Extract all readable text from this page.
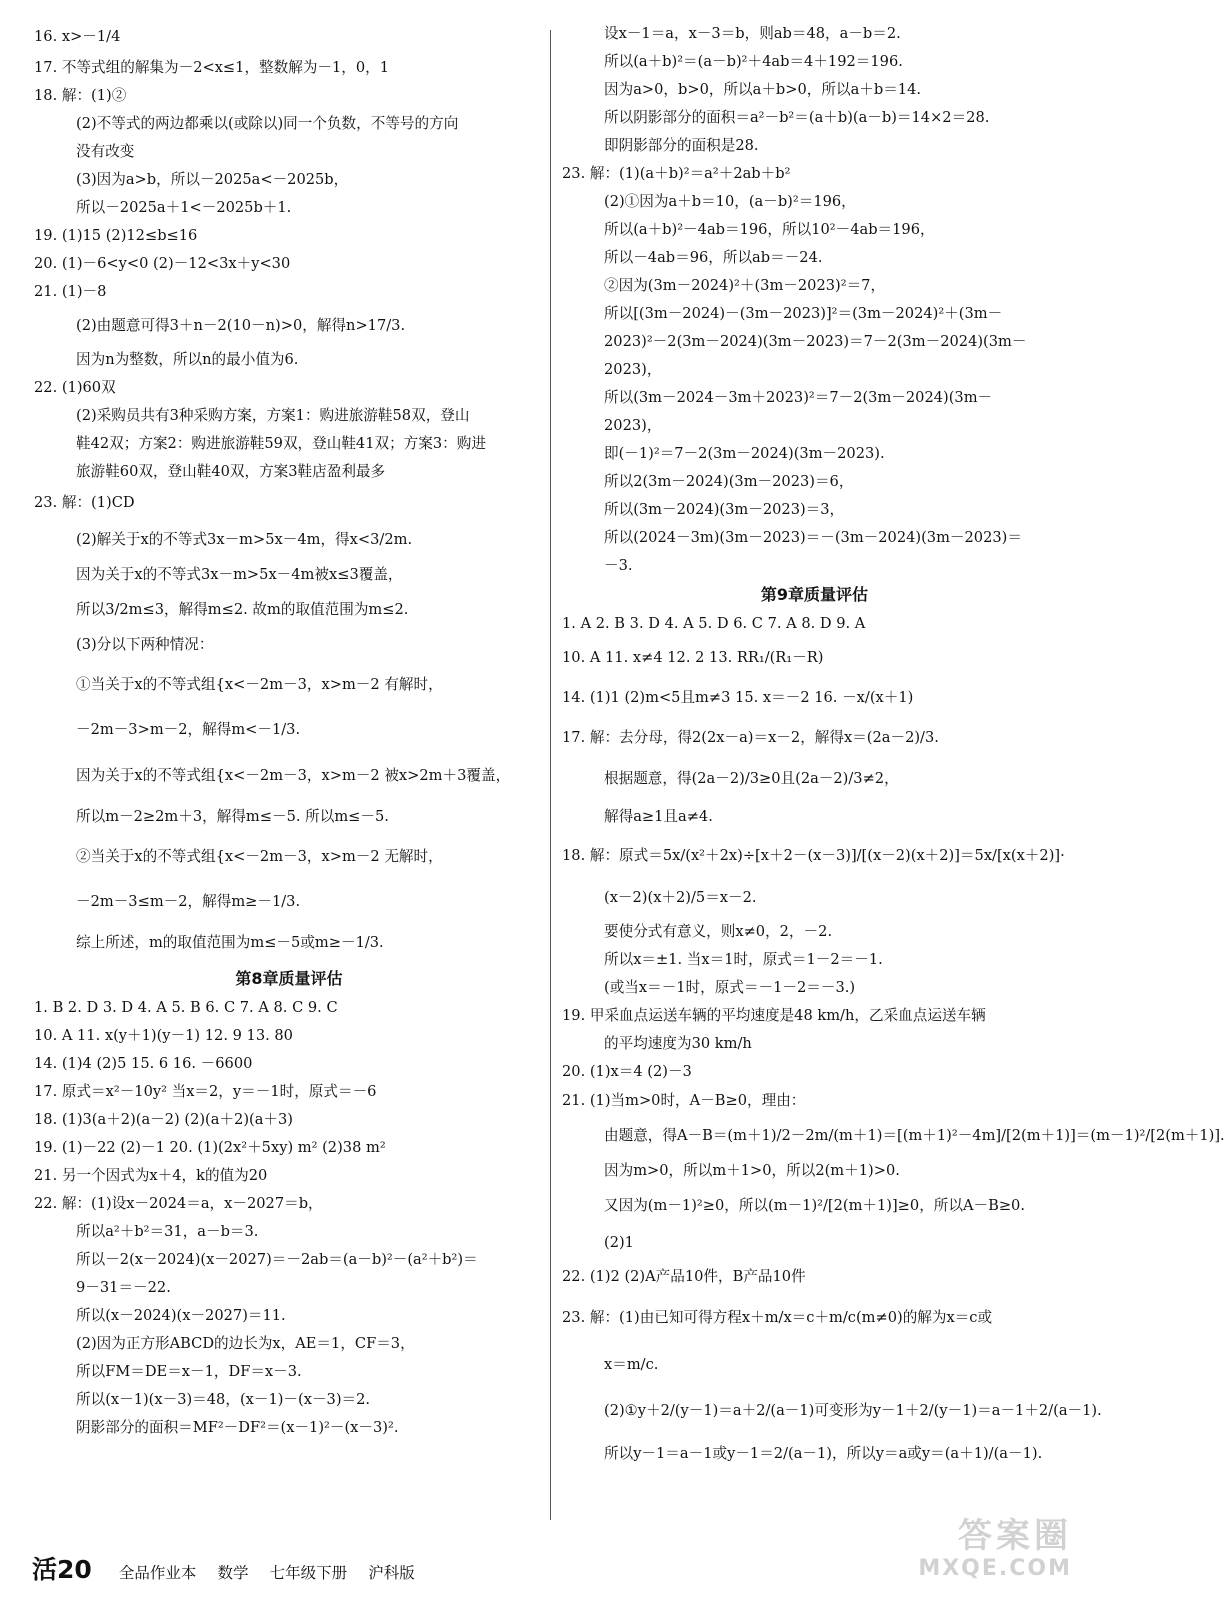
16. x>－1/4
17. 不等式组的解集为－2<x≤1，整数解为－1，0，1
18. 解：(1)②
(2)不等式的两边都乘以(或除以)同一个负数，不等号的方向
没有改变
(3)因为a>b，所以－2025a<－2025b，
所以－2025a＋1<－2025b＋1.
19. (1)15 (2)12≤b≤16
20. (1)－6<y<0 (2)－12<3x＋y<30
21. (1)－8
(2)由题意可得3＋n－2(10－n)>0，解得n>17/3.
因为n为整数，所以n的最小值为6.
22. (1)60双
(2)采购员共有3种采购方案，方案1：购进旅游鞋58双，登山
鞋42双；方案2：购进旅游鞋59双，登山鞋41双；方案3：购进
旅游鞋60双，登山鞋40双，方案3鞋店盈利最多
23. 解：(1)CD
(2)解关于x的不等式3x－m>5x－4m，得x<3/2m.
因为关于x的不等式3x－m>5x－4m被x≤3覆盖，
所以3/2m≤3，解得m≤2. 故m的取值范围为m≤2.
(3)分以下两种情况：
①当关于x的不等式组{x<－2m－3，x>m－2 有解时，
－2m－3>m－2，解得m<－1/3.
因为关于x的不等式组{x<－2m－3，x>m－2 被x>2m＋3覆盖，
所以m－2≥2m＋3，解得m≤－5. 所以m≤－5.
②当关于x的不等式组{x<－2m－3，x>m－2 无解时，
－2m－3≤m－2，解得m≥－1/3.
综上所述，m的取值范围为m≤－5或m≥－1/3.
第8章质量评估
1. B 2. D 3. D 4. A 5. B 6. C 7. A 8. C 9. C
10. A 11. x(y＋1)(y－1) 12. 9 13. 80
14. (1)4 (2)5 15. 6 16. －6600
17. 原式＝x²－10y² 当x＝2，y＝－1时，原式＝－6
18. (1)3(a＋2)(a－2) (2)(a＋2)(a＋3)
19. (1)－22 (2)－1 20. (1)(2x²＋5xy) m² (2)38 m²
21. 另一个因式为x＋4，k的值为20
22. 解：(1)设x－2024＝a，x－2027＝b，
所以a²＋b²＝31，a－b＝3.
所以－2(x－2024)(x－2027)＝－2ab＝(a－b)²－(a²＋b²)＝
9－31＝－22.
所以(x－2024)(x－2027)＝11.
(2)因为正方形ABCD的边长为x，AE＝1，CF＝3，
所以FM＝DE＝x－1，DF＝x－3.
所以(x－1)(x－3)＝48，(x－1)－(x－3)＝2.
阴影部分的面积＝MF²－DF²＝(x－1)²－(x－3)².
设x－1＝a，x－3＝b，则ab＝48，a－b＝2.
所以(a＋b)²＝(a－b)²＋4ab＝4＋192＝196.
因为a>0，b>0，所以a＋b>0，所以a＋b＝14.
所以阴影部分的面积＝a²－b²＝(a＋b)(a－b)＝14×2＝28.
即阴影部分的面积是28.
23. 解：(1)(a＋b)²＝a²＋2ab＋b²
(2)①因为a＋b＝10，(a－b)²＝196，
所以(a＋b)²－4ab＝196，所以10²－4ab＝196，
所以－4ab＝96，所以ab＝－24.
②因为(3m－2024)²＋(3m－2023)²＝7，
所以[(3m－2024)－(3m－2023)]²＝(3m－2024)²＋(3m－
2023)²－2(3m－2024)(3m－2023)＝7－2(3m－2024)(3m－
2023)，
所以(3m－2024－3m＋2023)²＝7－2(3m－2024)(3m－
2023)，
即(－1)²＝7－2(3m－2024)(3m－2023).
所以2(3m－2024)(3m－2023)＝6，
所以(3m－2024)(3m－2023)＝3，
所以(2024－3m)(3m－2023)＝－(3m－2024)(3m－2023)＝
－3.
第9章质量评估
1. A 2. B 3. D 4. A 5. D 6. C 7. A 8. D 9. A
10. A 11. x≠4 12. 2 13. RR₁/(R₁－R)
14. (1)1 (2)m<5且m≠3 15. x＝－2 16. －x/(x＋1)
17. 解：去分母，得2(2x－a)＝x－2，解得x＝(2a－2)/3.
根据题意，得(2a－2)/3≥0且(2a－2)/3≠2，
解得a≥1且a≠4.
18. 解：原式＝5x/(x²＋2x)÷[x＋2－(x－3)]/[(x－2)(x＋2)]＝5x/[x(x＋2)]·
(x－2)(x＋2)/5＝x－2.
要使分式有意义，则x≠0，2，－2.
所以x＝±1. 当x＝1时，原式＝1－2＝－1.
(或当x＝－1时，原式＝－1－2＝－3.)
19. 甲采血点运送车辆的平均速度是48 km/h，乙采血点运送车辆
的平均速度为30 km/h
20. (1)x＝4 (2)－3
21. (1)当m>0时，A－B≥0，理由：
由题意，得A－B＝(m＋1)/2－2m/(m＋1)＝[(m＋1)²－4m]/[2(m＋1)]＝(m－1)²/[2(m＋1)].
因为m>0，所以m＋1>0，所以2(m＋1)>0.
又因为(m－1)²≥0，所以(m－1)²/[2(m＋1)]≥0，所以A－B≥0.
(2)1
22. (1)2 (2)A产品10件，B产品10件
23. 解：(1)由已知可得方程x＋m/x＝c＋m/c(m≠0)的解为x＝c或
x＝m/c.
(2)①y＋2/(y－1)＝a＋2/(a－1)可变形为y－1＋2/(y－1)＝a－1＋2/(a－1).
所以y－1＝a－1或y－1＝2/(a－1)，所以y＝a或y＝(a＋1)/(a－1).
活20 全品作业本 数学 七年级下册 沪科版
答案圈
MXQE.COM
